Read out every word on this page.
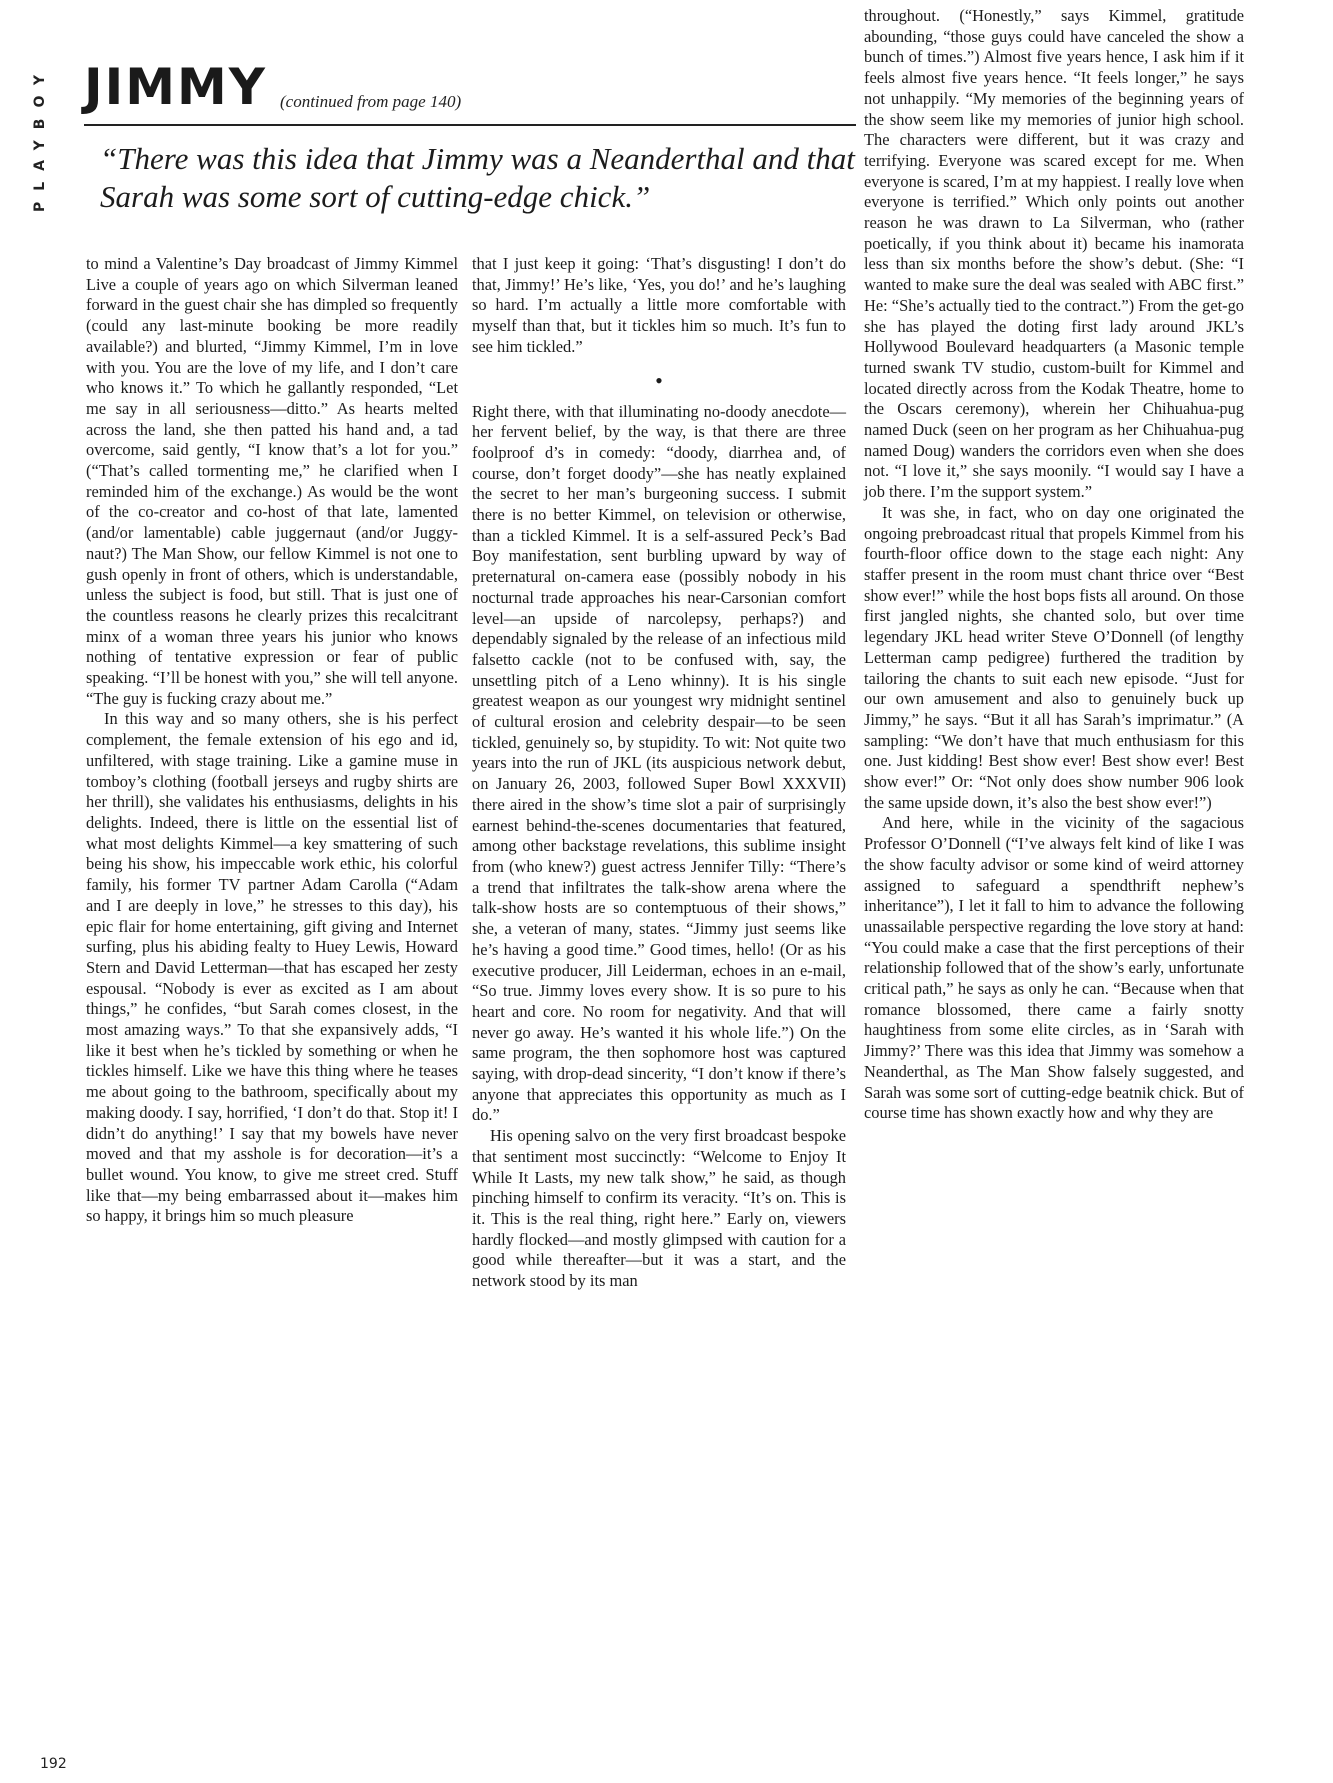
PLAYBOY JIMMY (continued from page 140)
“There was this idea that Jimmy was a Neanderthal and that Sarah was some sort of cutting-edge chick.”

to mind a Valentine’s Day broadcast of Jimmy Kimmel Live a couple of years ago on which Silverman leaned forward in the guest chair she has dimpled so frequently (could any last-minute booking be more readily available?) and blurted, “Jimmy Kimmel, I’m in love with you. You are the love of my life, and I don’t care who knows it.” To which he gallantly responded, “Let me say in all seriousness—ditto.” As hearts melted across the land, she then patted his hand and, a tad overcome, said gently, “I know that’s a lot for you.” (“That’s called tormenting me,” he clarified when I reminded him of the exchange.) As would be the wont of the co-creator and co-host of that late, lamented (and/or lamentable) cable juggernaut (and/or Juggy-naut?) The Man Show, our fellow Kimmel is not one to gush openly in front of others, which is understandable, unless the subject is food, but still. That is just one of the countless reasons he clearly prizes this recalcitrant minx of a woman three years his junior who knows nothing of tentative expression or fear of public speaking. “I’ll be honest with you,” she will tell anyone. “The guy is fucking crazy about me.”

In this way and so many others, she is his perfect complement, the female extension of his ego and id, unfiltered, with stage training. Like a gamine muse in tomboy’s clothing (football jerseys and rugby shirts are her thrill), she validates his enthusiasms, delights in his delights. Indeed, there is little on the essential list of what most delights Kimmel—a key smattering of such being his show, his impeccable work ethic, his colorful family, his former TV partner Adam Carolla (“Adam and I are deeply in love,” he stresses to this day), his epic flair for home entertaining, gift giving and Internet surfing, plus his abiding fealty to Huey Lewis, Howard Stern and David Letterman—that has escaped her zesty espousal. “Nobody is ever as excited as I am about things,” he confides, “but Sarah comes closest, in the most amazing ways.” To that she expansively adds, “I like it best when he’s tickled by something or when he tickles himself. Like we have this thing where he teases me about going to the bathroom, specifically about my making doody. I say, horrified, ‘I don’t do that. Stop it! I didn’t do anything!’ I say that my bowels have never moved and that my asshole is for decoration—it’s a bullet wound. You know, to give me street cred. Stuff like that—my being embarrassed about it—makes him so happy, it brings him so much pleasure

that I just keep it going: ‘That’s disgusting! I don’t do that, Jimmy!’ He’s like, ‘Yes, you do!’ and he’s laughing so hard. I’m actually a little more comfortable with myself than that, but it tickles him so much. It’s fun to see him tickled.”

•

Right there, with that illuminating no-doody anecdote—her fervent belief, by the way, is that there are three foolproof d’s in comedy: “doody, diarrhea and, of course, don’t forget doody”—she has neatly explained the secret to her man’s burgeoning success. I submit there is no better Kimmel, on television or otherwise, than a tickled Kimmel. It is a self-assured Peck’s Bad Boy manifestation, sent burbling upward by way of preternatural on-camera ease (possibly nobody in his nocturnal trade approaches his near-Carsonian comfort level—an upside of narcolepsy, perhaps?) and dependably signaled by the release of an infectious mild falsetto cackle (not to be confused with, say, the unsettling pitch of a Leno whinny). It is his single greatest weapon as our youngest wry midnight sentinel of cultural erosion and celebrity despair—to be seen tickled, genuinely so, by stupidity. To wit: Not quite two years into the run of JKL (its auspicious network debut, on January 26, 2003, followed Super Bowl XXXVII) there aired in the show’s time slot a pair of surprisingly earnest behind-the-scenes documentaries that featured, among other backstage revelations, this sublime insight from (who knew?) guest actress Jennifer Tilly: “There’s a trend that infiltrates the talk-show arena where the talk-show hosts are so contemptuous of their shows,” she, a veteran of many, states. “Jimmy just seems like he’s having a good time.” Good times, hello! (Or as his executive producer, Jill Leiderman, echoes in an e-mail, “So true. Jimmy loves every show. It is so pure to his heart and core. No room for negativity. And that will never go away. He’s wanted it his whole life.”) On the same program, the then sophomore host was captured saying, with drop-dead sincerity, “I don’t know if there’s anyone that appreciates this opportunity as much as I do.”

His opening salvo on the very first broadcast bespoke that sentiment most succinctly: “Welcome to Enjoy It While It Lasts, my new talk show,” he said, as though pinching himself to confirm its veracity. “It’s on. This is it. This is the real thing, right here.” Early on, viewers hardly flocked—and mostly glimpsed with caution for a good while thereafter—but it was a start, and the network stood by its man

throughout. (“Honestly,” says Kimmel, gratitude abounding, “those guys could have canceled the show a bunch of times.”) Almost five years hence, I ask him if it feels almost five years hence. “It feels longer,” he says not unhappily. “My memories of the beginning years of the show seem like my memories of junior high school. The characters were different, but it was crazy and terrifying. Everyone was scared except for me. When everyone is scared, I’m at my happiest. I really love when everyone is terrified.” Which only points out another reason he was drawn to La Silverman, who (rather poetically, if you think about it) became his inamorata less than six months before the show’s debut. (She: “I wanted to make sure the deal was sealed with ABC first.” He: “She’s actually tied to the contract.”) From the get-go she has played the doting first lady around JKL’s Hollywood Boulevard headquarters (a Masonic temple turned swank TV studio, custom-built for Kimmel and located directly across from the Kodak Theatre, home to the Oscars ceremony), wherein her Chihuahua-pug named Duck (seen on her program as her Chihuahua-pug named Doug) wanders the corridors even when she does not. “I love it,” she says moonily. “I would say I have a job there. I’m the support system.”

It was she, in fact, who on day one originated the ongoing prebroadcast ritual that propels Kimmel from his fourth-floor office down to the stage each night: Any staffer present in the room must chant thrice over “Best show ever!” while the host bops fists all around. On those first jangled nights, she chanted solo, but over time legendary JKL head writer Steve O’Donnell (of lengthy Letterman camp pedigree) furthered the tradition by tailoring the chants to suit each new episode. “Just for our own amusement and also to genuinely buck up Jimmy,” he says. “But it all has Sarah’s imprimatur.” (A sampling: “We don’t have that much enthusiasm for this one. Just kidding! Best show ever! Best show ever! Best show ever!” Or: “Not only does show number 906 look the same upside down, it’s also the best show ever!”)

And here, while in the vicinity of the sagacious Professor O’Donnell (“I’ve always felt kind of like I was the show faculty advisor or some kind of weird attorney assigned to safeguard a spendthrift nephew’s inheritance”), I let it fall to him to advance the following unassailable perspective regarding the love story at hand: “You could make a case that the first perceptions of their relationship followed that of the show’s early, unfortunate critical path,” he says as only he can. “Because when that romance blossomed, there came a fairly snotty haughtiness from some elite circles, as in ‘Sarah with Jimmy?’ There was this idea that Jimmy was somehow a Neanderthal, as The Man Show falsely suggested, and Sarah was some sort of cutting-edge beatnik chick. But of course time has shown exactly how and why they are

192
